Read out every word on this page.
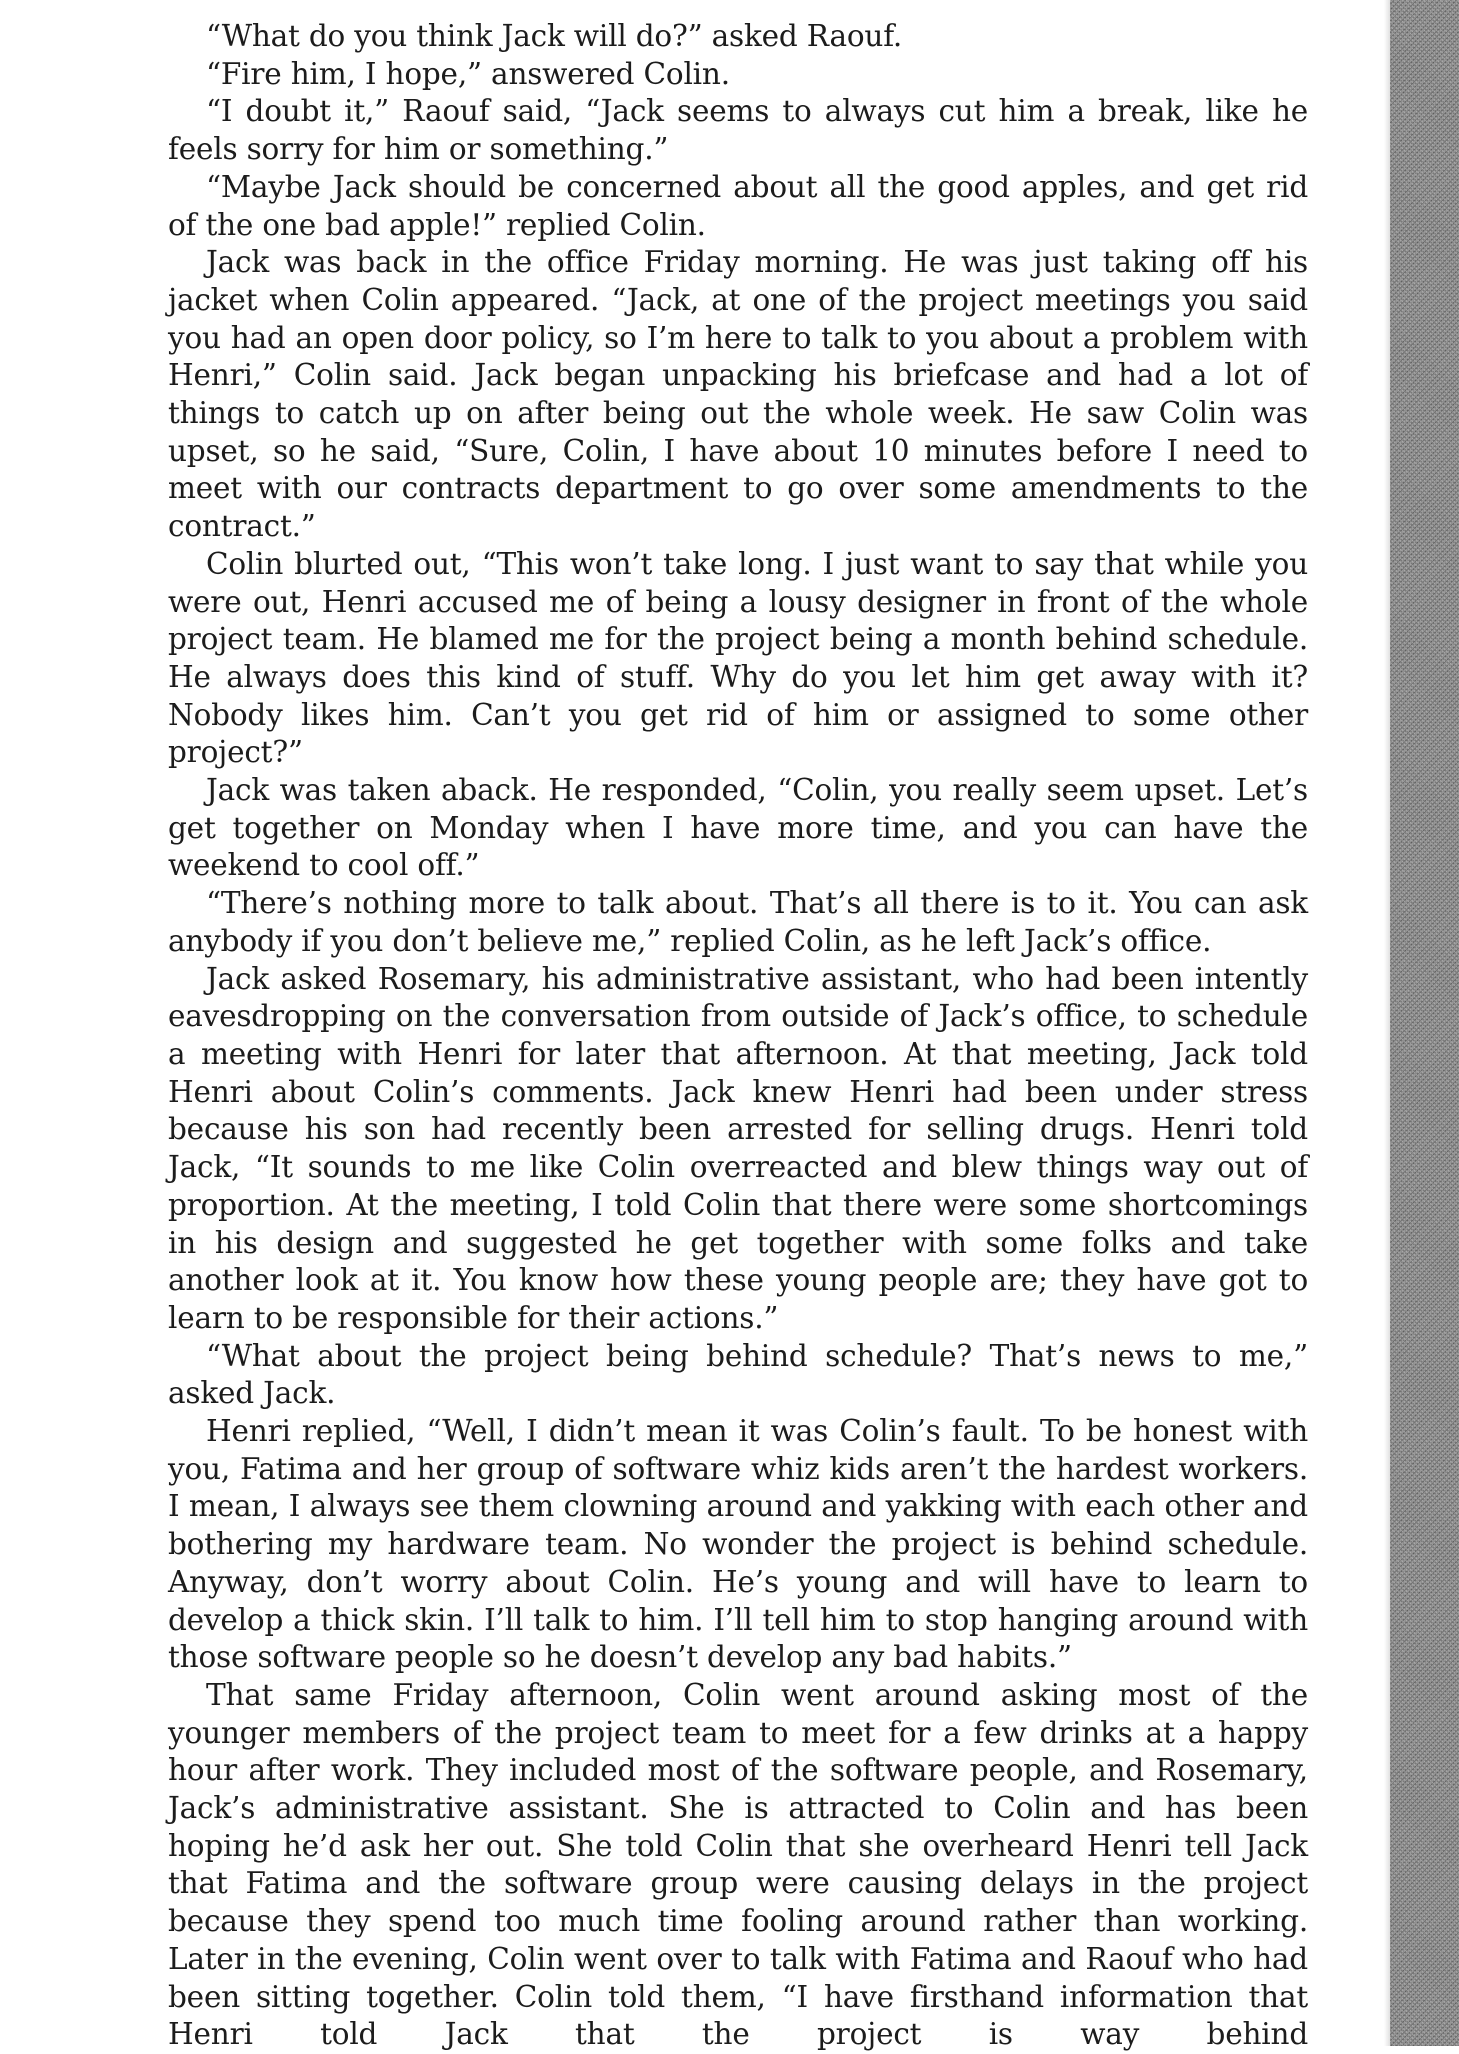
“What do you think Jack will do?” asked Raouf.

“Fire him, I hope,” answered Colin.

“I doubt it,” Raouf said, “Jack seems to always cut him a break, like he feels sorry for him or something.”

“Maybe Jack should be concerned about all the good apples, and get rid of the one bad apple!” replied Colin.

Jack was back in the office Friday morning. He was just taking off his jacket when Colin appeared. “Jack, at one of the project meetings you said you had an open door policy, so I’m here to talk to you about a problem with Henri,” Colin said. Jack began unpacking his briefcase and had a lot of things to catch up on after being out the whole week. He saw Colin was upset, so he said, “Sure, Colin, I have about 10 minutes before I need to meet with our contracts department to go over some amendments to the contract.”

Colin blurted out, “This won’t take long. I just want to say that while you were out, Henri accused me of being a lousy designer in front of the whole project team. He blamed me for the project being a month behind schedule. He always does this kind of stuff. Why do you let him get away with it? Nobody likes him. Can’t you get rid of him or assigned to some other project?”

Jack was taken aback. He responded, “Colin, you really seem upset. Let’s get together on Monday when I have more time, and you can have the weekend to cool off.”

“There’s nothing more to talk about. That’s all there is to it. You can ask anybody if you don’t believe me,” replied Colin, as he left Jack’s office.

Jack asked Rosemary, his administrative assistant, who had been intently eavesdropping on the conversation from outside of Jack’s office, to schedule a meeting with Henri for later that afternoon. At that meeting, Jack told Henri about Colin’s comments. Jack knew Henri had been under stress because his son had recently been arrested for selling drugs. Henri told Jack, “It sounds to me like Colin overreacted and blew things way out of proportion. At the meeting, I told Colin that there were some shortcomings in his design and suggested he get together with some folks and take another look at it. You know how these young people are; they have got to learn to be responsible for their actions.”

“What about the project being behind schedule? That’s news to me,” asked Jack.

Henri replied, “Well, I didn’t mean it was Colin’s fault. To be honest with you, Fatima and her group of software whiz kids aren’t the hardest workers. I mean, I always see them clowning around and yakking with each other and bothering my hardware team. No wonder the project is behind schedule. Anyway, don’t worry about Colin. He’s young and will have to learn to develop a thick skin. I’ll talk to him. I’ll tell him to stop hanging around with those software people so he doesn’t develop any bad habits.”

That same Friday afternoon, Colin went around asking most of the younger members of the project team to meet for a few drinks at a happy hour after work. They included most of the software people, and Rosemary, Jack’s administrative assistant. She is attracted to Colin and has been hoping he’d ask her out. She told Colin that she overheard Henri tell Jack that Fatima and the software group were causing delays in the project because they spend too much time fooling around rather than working. Later in the evening, Colin went over to talk with Fatima and Raouf who had been sitting together. Colin told them, “I have firsthand information that Henri told Jack that the project is way behind
